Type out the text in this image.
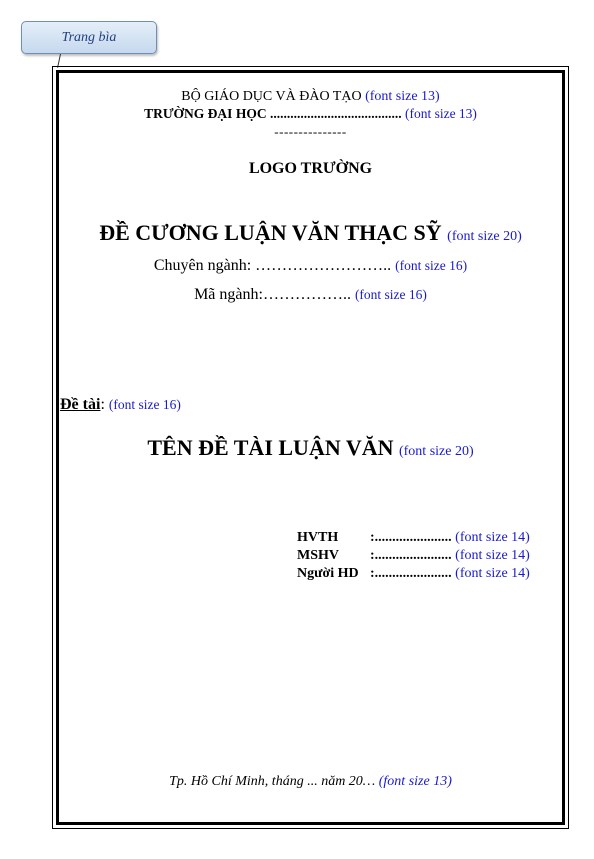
Trang bìa
BỘ GIÁO DỤC VÀ ĐÀO TẠO (font size 13)
TRƯỜNG ĐẠI HỌC ....................................... (font size 13)
---------------
LOGO TRƯỜNG
ĐỀ CƯƠNG LUẬN VĂN THẠC SỸ (font size 20)
Chuyên ngành: …………………….. (font size 16)
Mã ngành:…………….. (font size 16)
Đề tài: (font size 16)
TÊN ĐỀ TÀI LUẬN VĂN (font size 20)
HVTH :...................... (font size 14)
MSHV :...................... (font size 14)
Người HD :...................... (font size 14)
Tp. Hồ Chí Minh, tháng ... năm 20… (font size 13)
